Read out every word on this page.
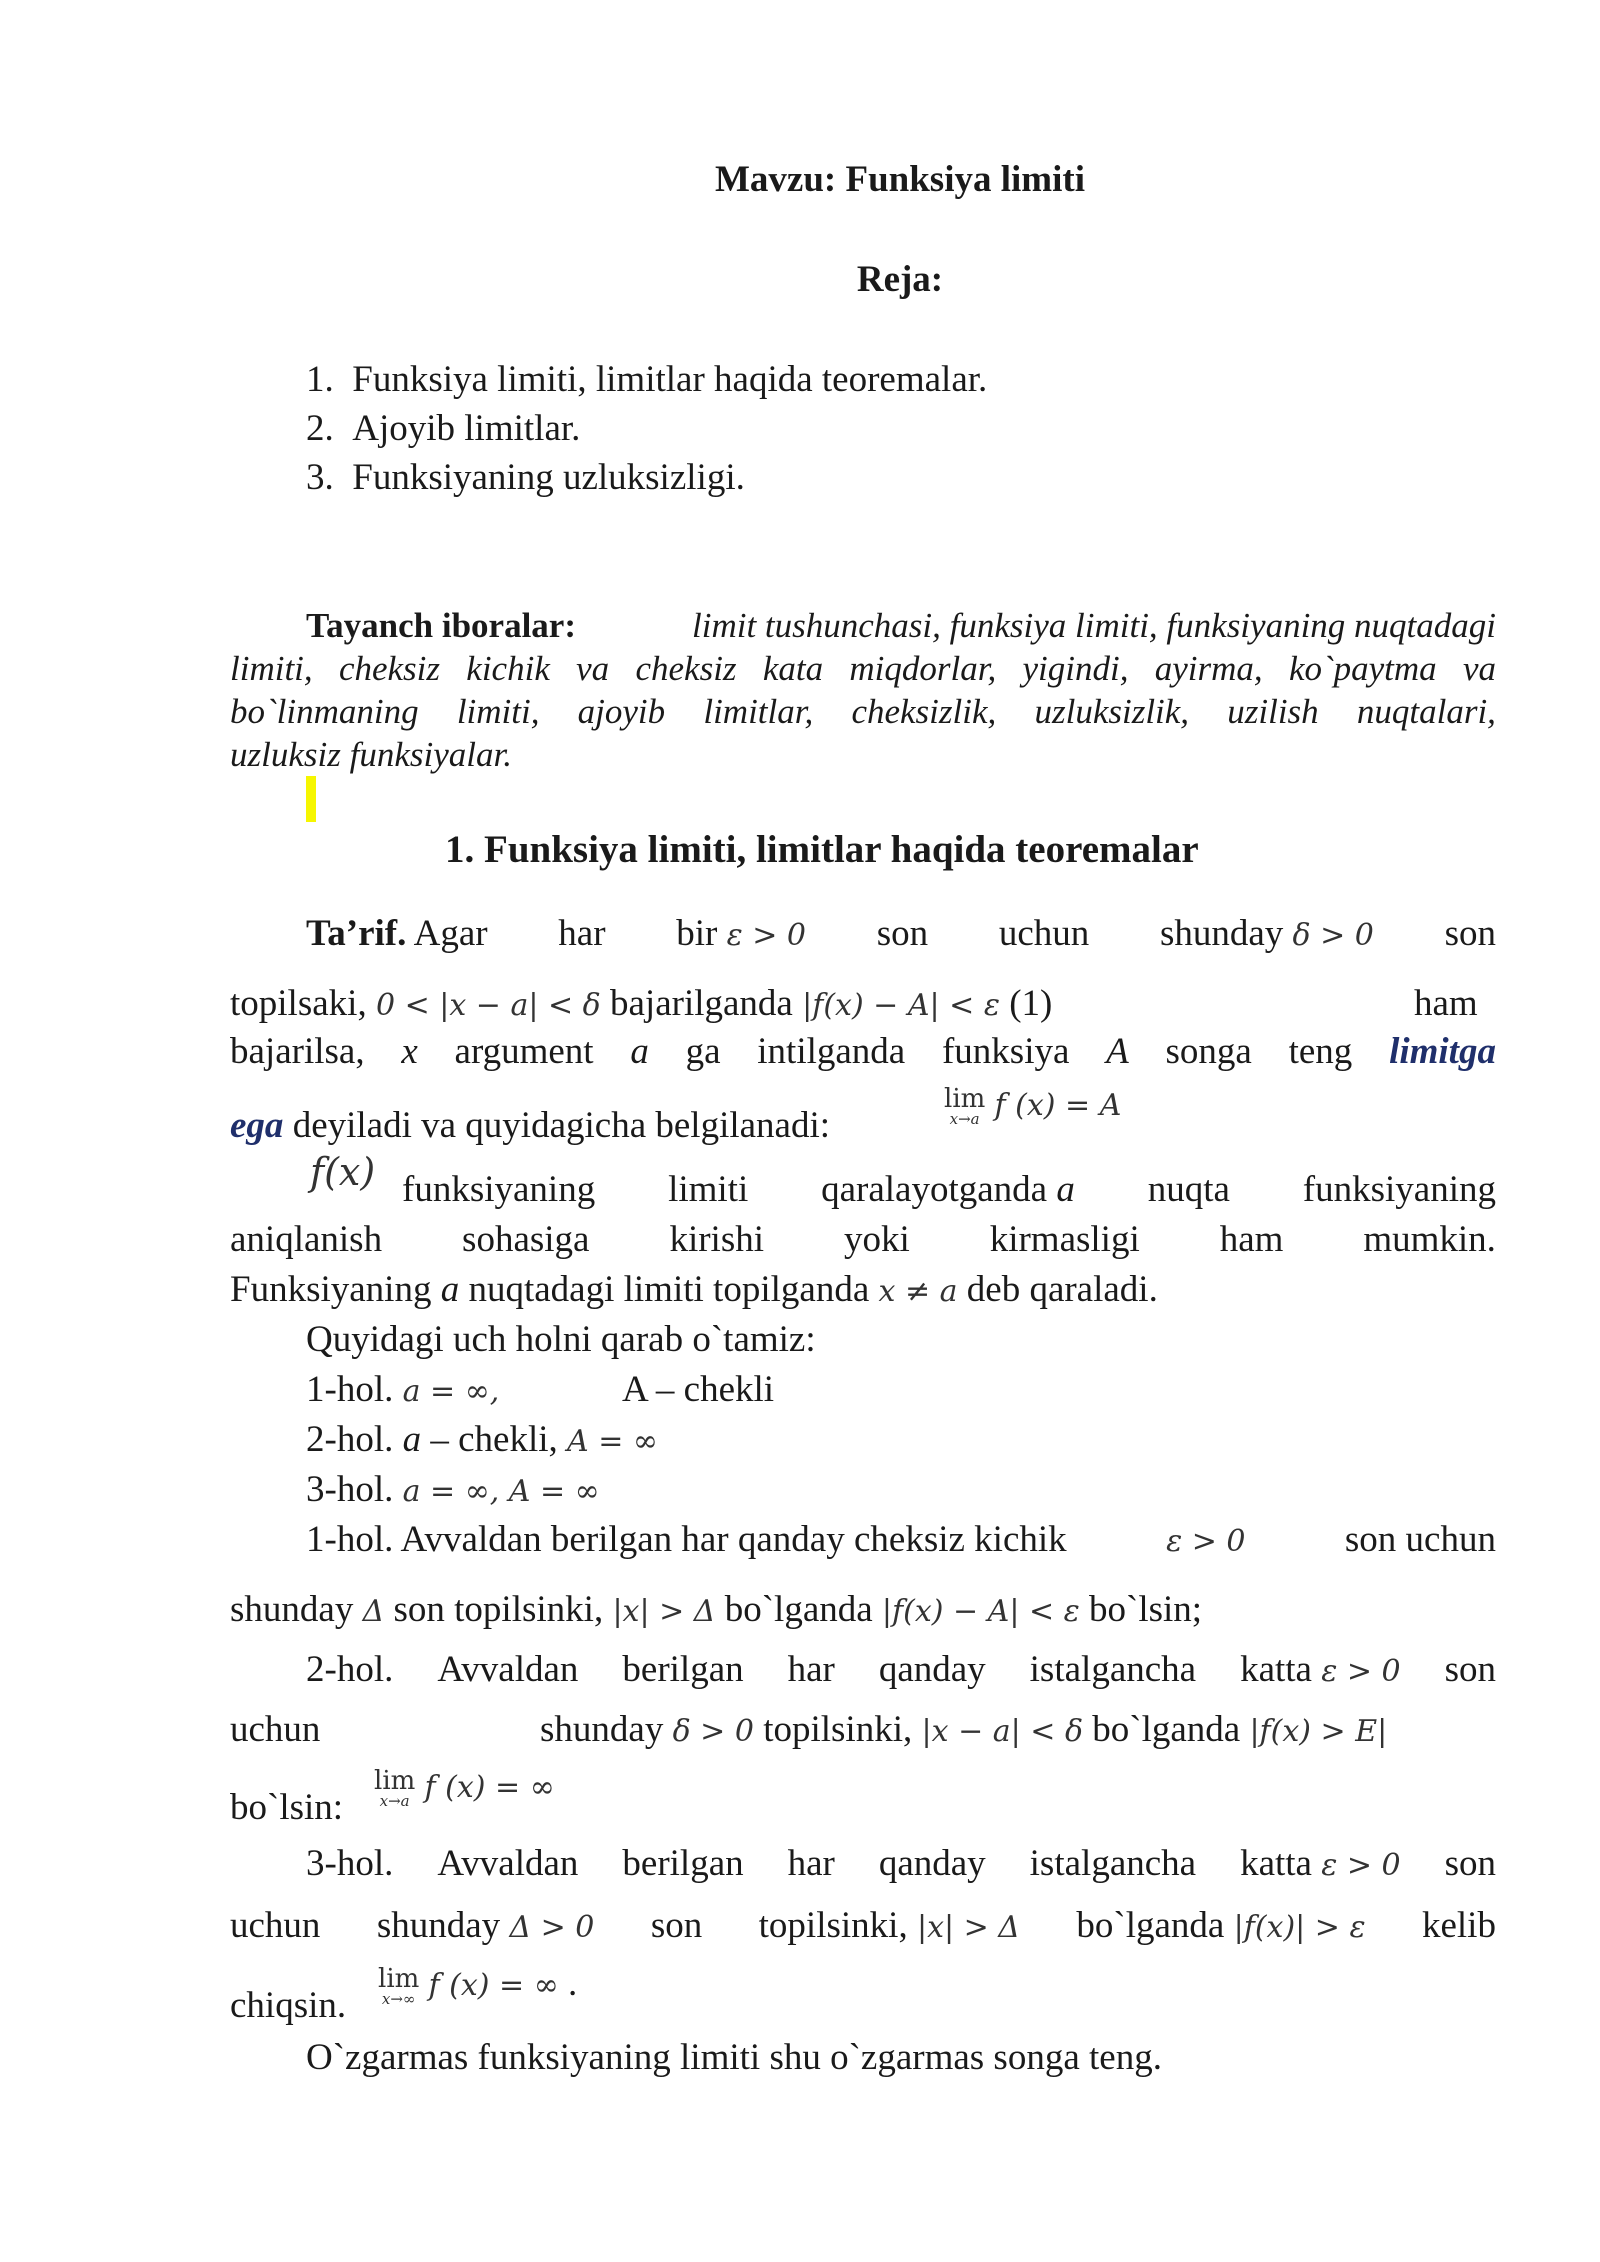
Mavzu: Funksiya limiti
Reja:
1.  Funksiya limiti, limitlar haqida teoremalar.
2.  Ajoyib limitlar.
3.  Funksiyaning uzluksizligi.
Tayanch iboralar:	limit tushunchasi, funksiya limiti, funksiyaning nuqtadagi
limiti, cheksiz kichik va cheksiz kata miqdorlar, yigindi, ayirma, ko`paytma va
bo`linmaning limiti, ajoyib limitlar, cheksizlik, uzluksizlik, uzilish nuqtalari,
uzluksiz funksiyalar.
1. Funksiya limiti, limitlar haqida teoremalar
Ta’rif. Agar har bir ε > 0 son uchun shunday δ > 0 son
topilsaki, 0 < |x − a| < δ bajarilganda |f(x) − A| < ε (1)	ham
bajarilsa, x argument a ga intilganda funksiya A songa teng limitga
ega deyiladi va quyidagicha belgilanadi:
lim
x→a f (x) = A
f(x) funksiyaning limiti qaralayotganda a nuqta funksiyaning
aniqlanish sohasiga kirishi yoki kirmasligi ham mumkin.
Funksiyaning a nuqtadagi limiti topilganda x ≠ a deb qaraladi.
Quyidagi uch holni qarab o`tamiz:
1-hol. a = ∞,	A – chekli
2-hol. a – chekli, A = ∞
3-hol. a = ∞, A = ∞
1-hol. Avvaldan berilgan har qanday cheksiz kichik	ε > 0	son uchun
shunday Δ son topilsinki, |x| > Δ bo`lganda |f(x) − A| < ε bo`lsin;
2-hol. Avvaldan berilgan har qanday istalgancha katta ε > 0 son
uchun	shunday δ > 0 topilsinki, |x − a| < δ bo`lganda |f(x) > E|
bo`lsin:
lim
x→a f (x) = ∞
3-hol. Avvaldan berilgan har qanday istalgancha katta ε > 0 son
uchun shunday Δ > 0 son topilsinki, |x| > Δ bo`lganda |f(x)| > ε kelib
chiqsin.
lim
x→∞ f (x) = ∞ .
O`zgarmas funksiyaning limiti shu o`zgarmas songa teng.
